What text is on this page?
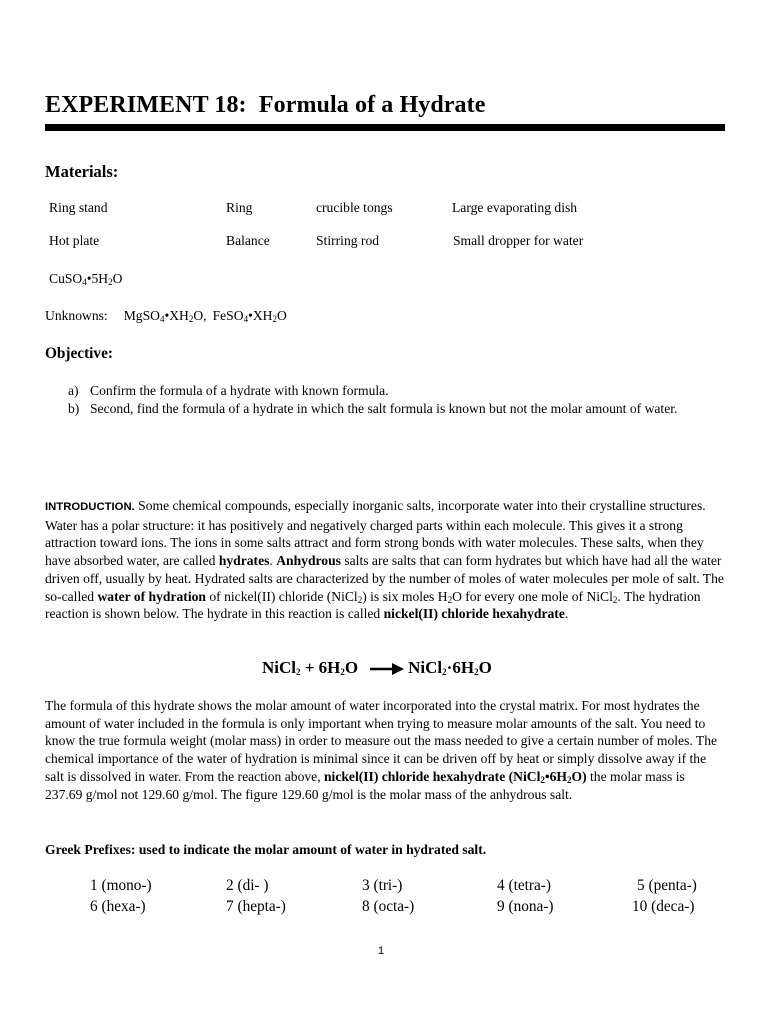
EXPERIMENT 18:  Formula of a Hydrate
Materials:
Ring stand	Ring	crucible tongs	Large evaporating dish
Hot plate	Balance	Stirring rod	Small dropper for water
$CuSO_4•5H_2O$
Unknowns: $MgSO_4•XH_2O$, $FeSO_4•XH_2O$
Objective:
a) Confirm the formula of a hydrate with known formula.
b) Second, find the formula of a hydrate in which the salt formula is known but not the molar amount of water.
INTRODUCTION. Some chemical compounds, especially inorganic salts, incorporate water into their crystalline structures. Water has a polar structure: it has positively and negatively charged parts within each molecule. This gives it a strong attraction toward ions. The ions in some salts attract and form strong bonds with water molecules. These salts, when they have absorbed water, are called hydrates. Anhydrous salts are salts that can form hydrates but which have had all the water driven off, usually by heat. Hydrated salts are characterized by the number of moles of water molecules per mole of salt. The so-called water of hydration of nickel(II) chloride (NiCl$_2$) is six moles $H_2O$ for every one mole of NiCl$_2$. The hydration reaction is shown below. The hydrate in this reaction is called nickel(II) chloride hexahydrate.
NiCl$_2$ + $6H_2O$ → $NiCl_2\cdot 6H_2O$
The formula of this hydrate shows the molar amount of water incorporated into the crystal matrix. For most hydrates the amount of water included in the formula is only important when trying to measure molar amounts of the salt. You need to know the true formula weight (molar mass) in order to measure out the mass needed to give a certain number of moles. The chemical importance of the water of hydration is minimal since it can be driven off by heat or simply dissolve away if the salt is dissolved in water. From the reaction above, nickel(II) chloride hexahydrate $(NiCl_2•6H_2O)$ the molar mass is 237.69 g/mol not 129.60 g/mol. The figure 129.60 g/mol is the molar mass of the anhydrous salt.
Greek Prefixes: used to indicate the molar amount of water in hydrated salt.
1 (mono-)	2 (di- )	3 (tri-)	4 (tetra-)	5 (penta-)
6 (hexa-)	7 (hepta-)	8 (octa-)	9 (nona-)	10 (deca-)
1
